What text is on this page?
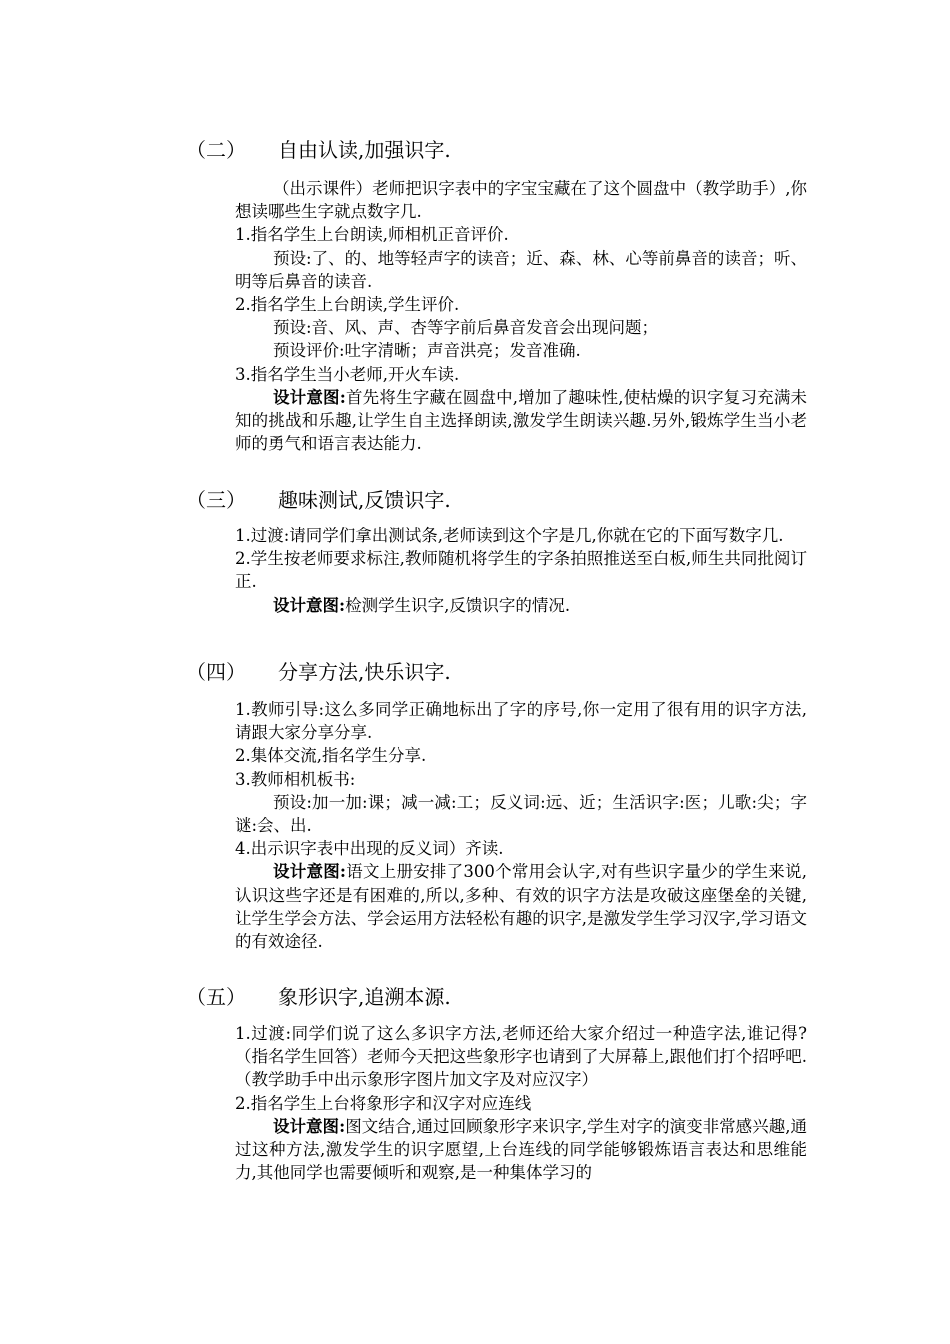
（二） 自由认读,加强识字.

（出示课件）老师把识字表中的字宝宝藏在了这个圆盘中（教学助手）,你想读哪些生字就点数字几.

1.指名学生上台朗读,师相机正音评价.

预设:了、的、地等轻声字的读音；近、森、林、心等前鼻音的读音；听、明等后鼻音的读音.

2.指名学生上台朗读,学生评价.

预设:音、风、声、杏等字前后鼻音发音会出现问题；

预设评价:吐字清晰；声音洪亮；发音准确.

3.指名学生当小老师,开火车读.

设计意图:首先将生字藏在圆盘中,增加了趣味性,使枯燥的识字复习充满未知的挑战和乐趣,让学生自主选择朗读,激发学生朗读兴趣.另外,锻炼学生当小老师的勇气和语言表达能力.

（三） 趣味测试,反馈识字.

1.过渡:请同学们拿出测试条,老师读到这个字是几,你就在它的下面写数字几.

2.学生按老师要求标注,教师随机将学生的字条拍照推送至白板,师生共同批阅订正.

设计意图:检测学生识字,反馈识字的情况.

（四） 分享方法,快乐识字.

1.教师引导:这么多同学正确地标出了字的序号,你一定用了很有用的识字方法,请跟大家分享分享.

2.集体交流,指名学生分享.

3.教师相机板书:

预设:加一加:课；减一减:工；反义词:远、近；生活识字:医；儿歌:尖；字谜:会、出.

4.出示识字表中出现的反义词）齐读.

设计意图:语文上册安排了300个常用会认字,对有些识字量少的学生来说,认识这些字还是有困难的,所以,多种、有效的识字方法是攻破这座堡垒的关键,让学生学会方法、学会运用方法轻松有趣的识字,是激发学生学习汉字,学习语文的有效途径.

（五） 象形识字,追溯本源.

1.过渡:同学们说了这么多识字方法,老师还给大家介绍过一种造字法,谁记得?（指名学生回答）老师今天把这些象形字也请到了大屏幕上,跟他们打个招呼吧.（教学助手中出示象形字图片加文字及对应汉字）

2.指名学生上台将象形字和汉字对应连线

设计意图:图文结合,通过回顾象形字来识字,学生对字的演变非常感兴趣,通过这种方法,激发学生的识字愿望,上台连线的同学能够锻炼语言表达和思维能力,其他同学也需要倾听和观察,是一种集体学习的
